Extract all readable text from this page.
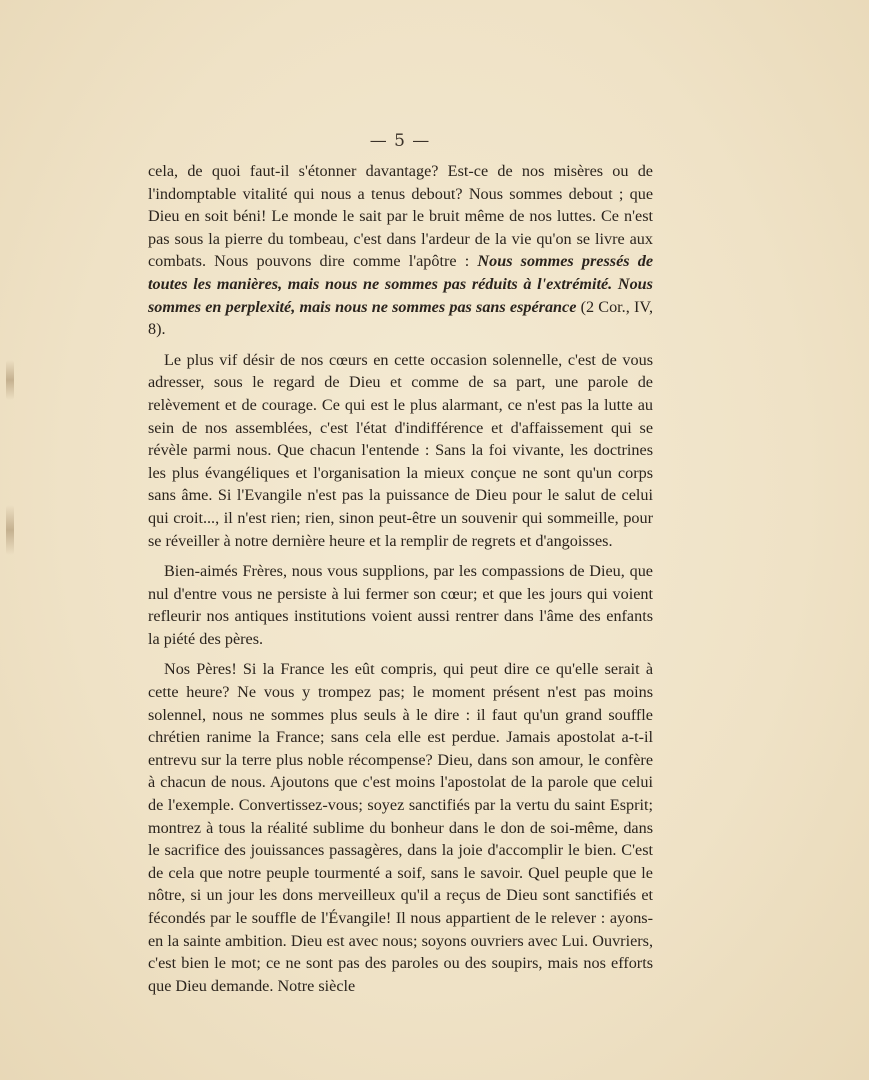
— 5 —

cela, de quoi faut-il s'étonner davantage? Est-ce de nos misères ou de l'indomptable vitalité qui nous a tenus debout? Nous sommes debout ; que Dieu en soit béni! Le monde le sait par le bruit même de nos luttes. Ce n'est pas sous la pierre du tombeau, c'est dans l'ardeur de la vie qu'on se livre aux combats. Nous pouvons dire comme l'apôtre : Nous sommes pressés de toutes les manières, mais nous ne sommes pas réduits à l'extrémité. Nous sommes en perplexité, mais nous ne sommes pas sans espérance (2 Cor., IV, 8).

Le plus vif désir de nos cœurs en cette occasion solennelle, c'est de vous adresser, sous le regard de Dieu et comme de sa part, une parole de relèvement et de courage. Ce qui est le plus alarmant, ce n'est pas la lutte au sein de nos assemblées, c'est l'état d'indifférence et d'affaissement qui se révèle parmi nous. Que chacun l'entende : Sans la foi vivante, les doctrines les plus évangéliques et l'organisation la mieux conçue ne sont qu'un corps sans âme. Si l'Evangile n'est pas la puissance de Dieu pour le salut de celui qui croit..., il n'est rien; rien, sinon peut-être un souvenir qui sommeille, pour se réveiller à notre dernière heure et la remplir de regrets et d'angoisses.

Bien-aimés Frères, nous vous supplions, par les compassions de Dieu, que nul d'entre vous ne persiste à lui fermer son cœur; et que les jours qui voient refleurir nos antiques institutions voient aussi rentrer dans l'âme des enfants la piété des pères.

Nos Pères! Si la France les eût compris, qui peut dire ce qu'elle serait à cette heure? Ne vous y trompez pas; le moment présent n'est pas moins solennel, nous ne sommes plus seuls à le dire : il faut qu'un grand souffle chrétien ranime la France; sans cela elle est perdue. Jamais apostolat a-t-il entrevu sur la terre plus noble récompense? Dieu, dans son amour, le confère à chacun de nous. Ajoutons que c'est moins l'apostolat de la parole que celui de l'exemple. Convertissez-vous; soyez sanctifiés par la vertu du saint Esprit; montrez à tous la réalité sublime du bonheur dans le don de soi-même, dans le sacrifice des jouissances passagères, dans la joie d'accomplir le bien. C'est de cela que notre peuple tourmenté a soif, sans le savoir. Quel peuple que le nôtre, si un jour les dons merveilleux qu'il a reçus de Dieu sont sanctifiés et fécondés par le souffle de l'Évangile! Il nous appartient de le relever : ayons-en la sainte ambition. Dieu est avec nous; soyons ouvriers avec Lui. Ouvriers, c'est bien le mot; ce ne sont pas des paroles ou des soupirs, mais nos efforts que Dieu demande. Notre siècle
